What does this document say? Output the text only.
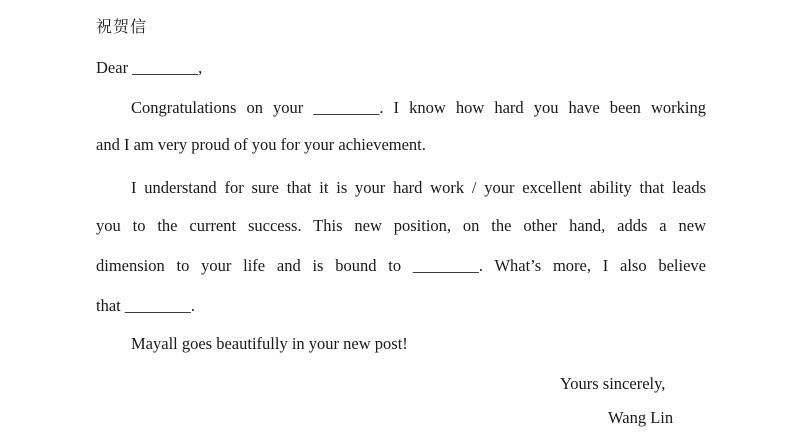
祝贺信
Dear ________,
Congratulations on your ________. I know how hard you have been working
and I am very proud of you for your achievement.
I understand for sure that it is your hard work / your excellent ability that leads
you to the current success. This new position, on the other hand, adds a new
dimension to your life and is bound to ________. What’s more, I also believe
that ________.
Mayall goes beautifully in your new post!
Yours sincerely,
Wang Lin
